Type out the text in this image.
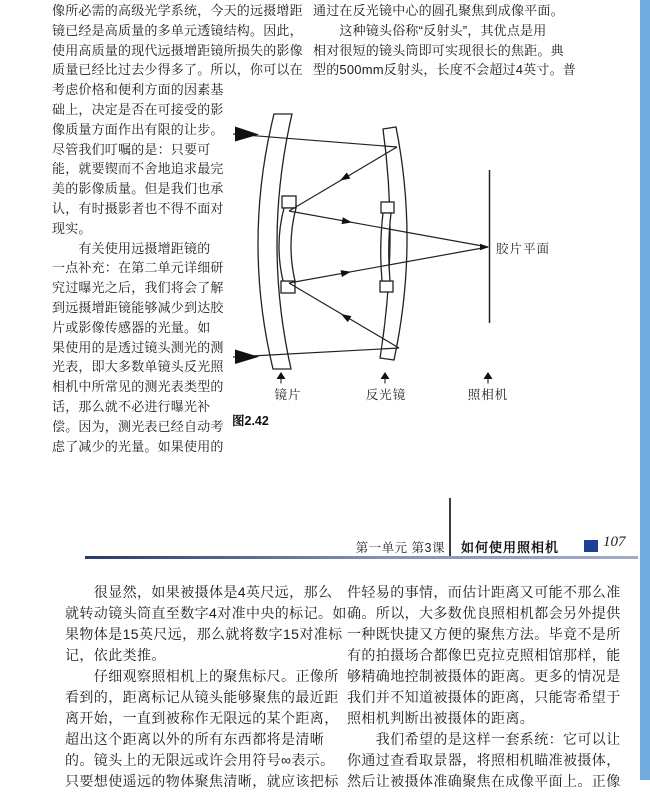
像所必需的高级光学系统，今天的远摄增距
镜已经是高质量的多单元透镜结构。因此，
使用高质量的现代远摄增距镜所损失的影像
质量已经比过去少得多了。所以，你可以在
考虑价格和便利方面的因素基
础上，决定是否在可接受的影
像质量方面作出有限的让步。
尽管我们叮嘱的是：只要可
能，就要锲而不舍地追求最完
美的影像质量。但是我们也承
认，有时摄影者也不得不面对
现实。
　　有关使用远摄增距镜的
一点补充：在第二单元详细研
究过曝光之后，我们将会了解
到远摄增距镜能够减少到达胶
片或影像传感器的光量。如
果使用的是透过镜头测光的测
光表，即大多数单镜头反光照
相机中所常见的测光表类型的
话，那么就不必进行曝光补
偿。因为，测光表已经自动考
虑了减少的光量。如果使用的
通过在反光镜中心的圆孔聚焦到成像平面。
　　这种镜头俗称“反射头”，其优点是用
相对很短的镜头筒即可实现很长的焦距。典
型的500mm反射头，长度不会超过4英寸。普
镜片	反光镜	照相机
胶片平面
图2.42
第一单元 第3课 如何使用照相机	107
　　很显然，如果被摄体是4英尺远，那么
就转动镜头筒直至数字4对准中央的标记。如
果物体是15英尺远，那么就将数字15对准标
记，依此类推。
　　仔细观察照相机上的聚焦标尺。正像所
看到的，距离标记从镜头能够聚焦的最近距
离开始，一直到被称作无限远的某个距离，
超出这个距离以外的所有东西都将是清晰
的。镜头上的无限远或许会用符号∞表示。
只要想使遥远的物体聚焦清晰，就应该把标
件轻易的事情，而估计距离又可能不那么准
确。所以，大多数优良照相机都会另外提供
一种既快捷又方便的聚焦方法。毕竟不是所
有的拍摄场合都像巴克拉克照相馆那样，能
够精确地控制被摄体的距离。更多的情况是
我们并不知道被摄体的距离，只能寄希望于
照相机判断出被摄体的距离。
　　我们希望的是这样一套系统：它可以让
你通过查看取景器，将照相机瞄准被摄体，
然后让被摄体准确聚焦在成像平面上。正像
